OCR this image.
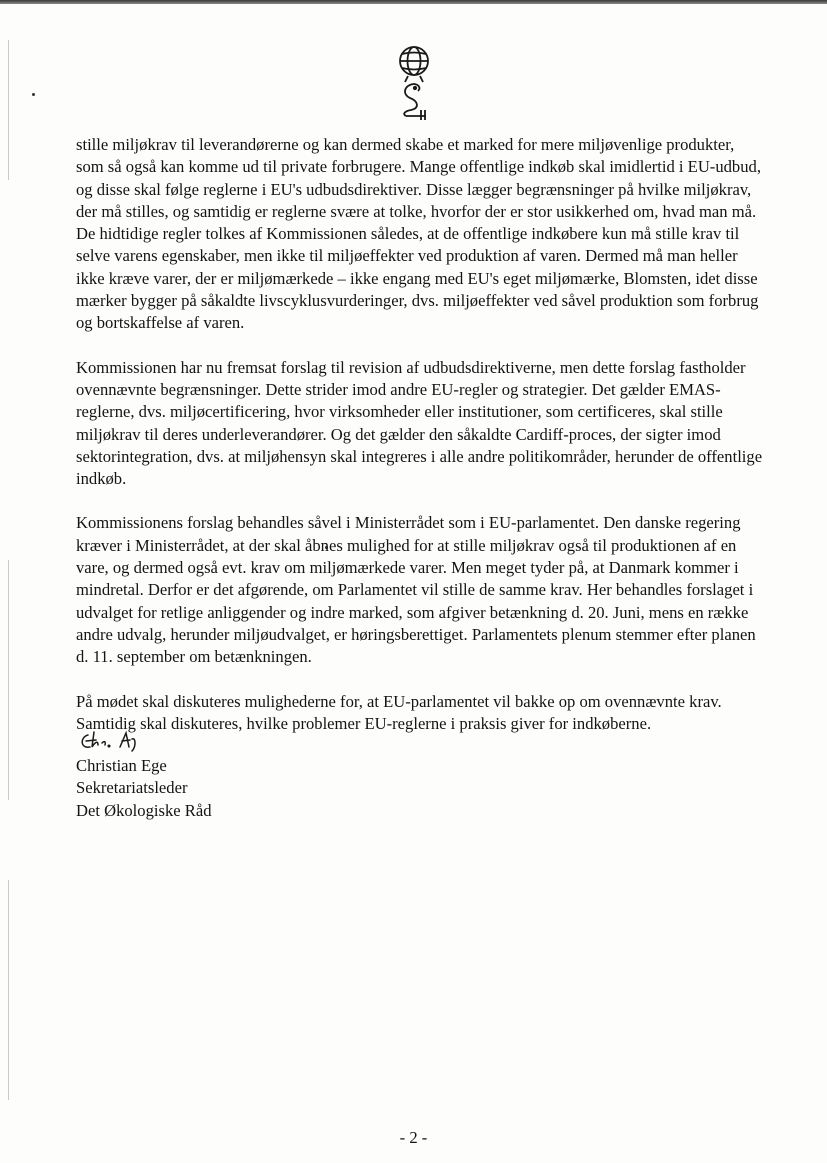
stille miljøkrav til leverandørerne og kan dermed skabe et marked for mere miljøvenlige produkter, som så også kan komme ud til private forbrugere. Mange offentlige indkøb skal imidlertid i EU-udbud, og disse skal følge reglerne i EU's udbudsdirektiver. Disse lægger begrænsninger på hvilke miljøkrav, der må stilles, og samtidig er reglerne svære at tolke, hvorfor der er stor usikkerhed om, hvad man må. De hidtidige regler tolkes af Kommissionen således, at de offentlige indkøbere kun må stille krav til selve varens egenskaber, men ikke til miljøeffekter ved produktion af varen. Dermed må man heller ikke kræve varer, der er miljømærkede – ikke engang med EU's eget miljømærke, Blomsten, idet disse mærker bygger på såkaldte livscyklusvurderinger, dvs. miljøeffekter ved såvel produktion som forbrug og bortskaffelse af varen.

Kommissionen har nu fremsat forslag til revision af udbudsdirektiverne, men dette forslag fastholder ovennævnte begrænsninger. Dette strider imod andre EU-regler og strategier. Det gælder EMAS-reglerne, dvs. miljøcertificering, hvor virksomheder eller institutioner, som certificeres, skal stille miljøkrav til deres underleverandører. Og det gælder den såkaldte Cardiff-proces, der sigter imod sektorintegration, dvs. at miljøhensyn skal integreres i alle andre politikområder, herunder de offentlige indkøb.

Kommissionens forslag behandles såvel i Ministerrådet som i EU-parlamentet. Den danske regering kræver i Ministerrådet, at der skal åbnes mulighed for at stille miljøkrav også til produktionen af en vare, og dermed også evt. krav om miljømærkede varer. Men meget tyder på, at Danmark kommer i mindretal. Derfor er det afgørende, om Parlamentet vil stille de samme krav. Her behandles forslaget i udvalget for retlige anliggender og indre marked, som afgiver betænkning d. 20. Juni, mens en række andre udvalg, herunder miljøudvalget, er høringsberettiget. Parlamentets plenum stemmer efter planen d. 11. september om betænkningen.

På mødet skal diskuteres mulighederne for, at EU-parlamentet vil bakke op om ovennævnte krav. Samtidig skal diskuteres, hvilke problemer EU-reglerne i praksis giver for indkøberne.

Christian Ege
Sekretariatsleder
Det Økologiske Råd
- 2 -
